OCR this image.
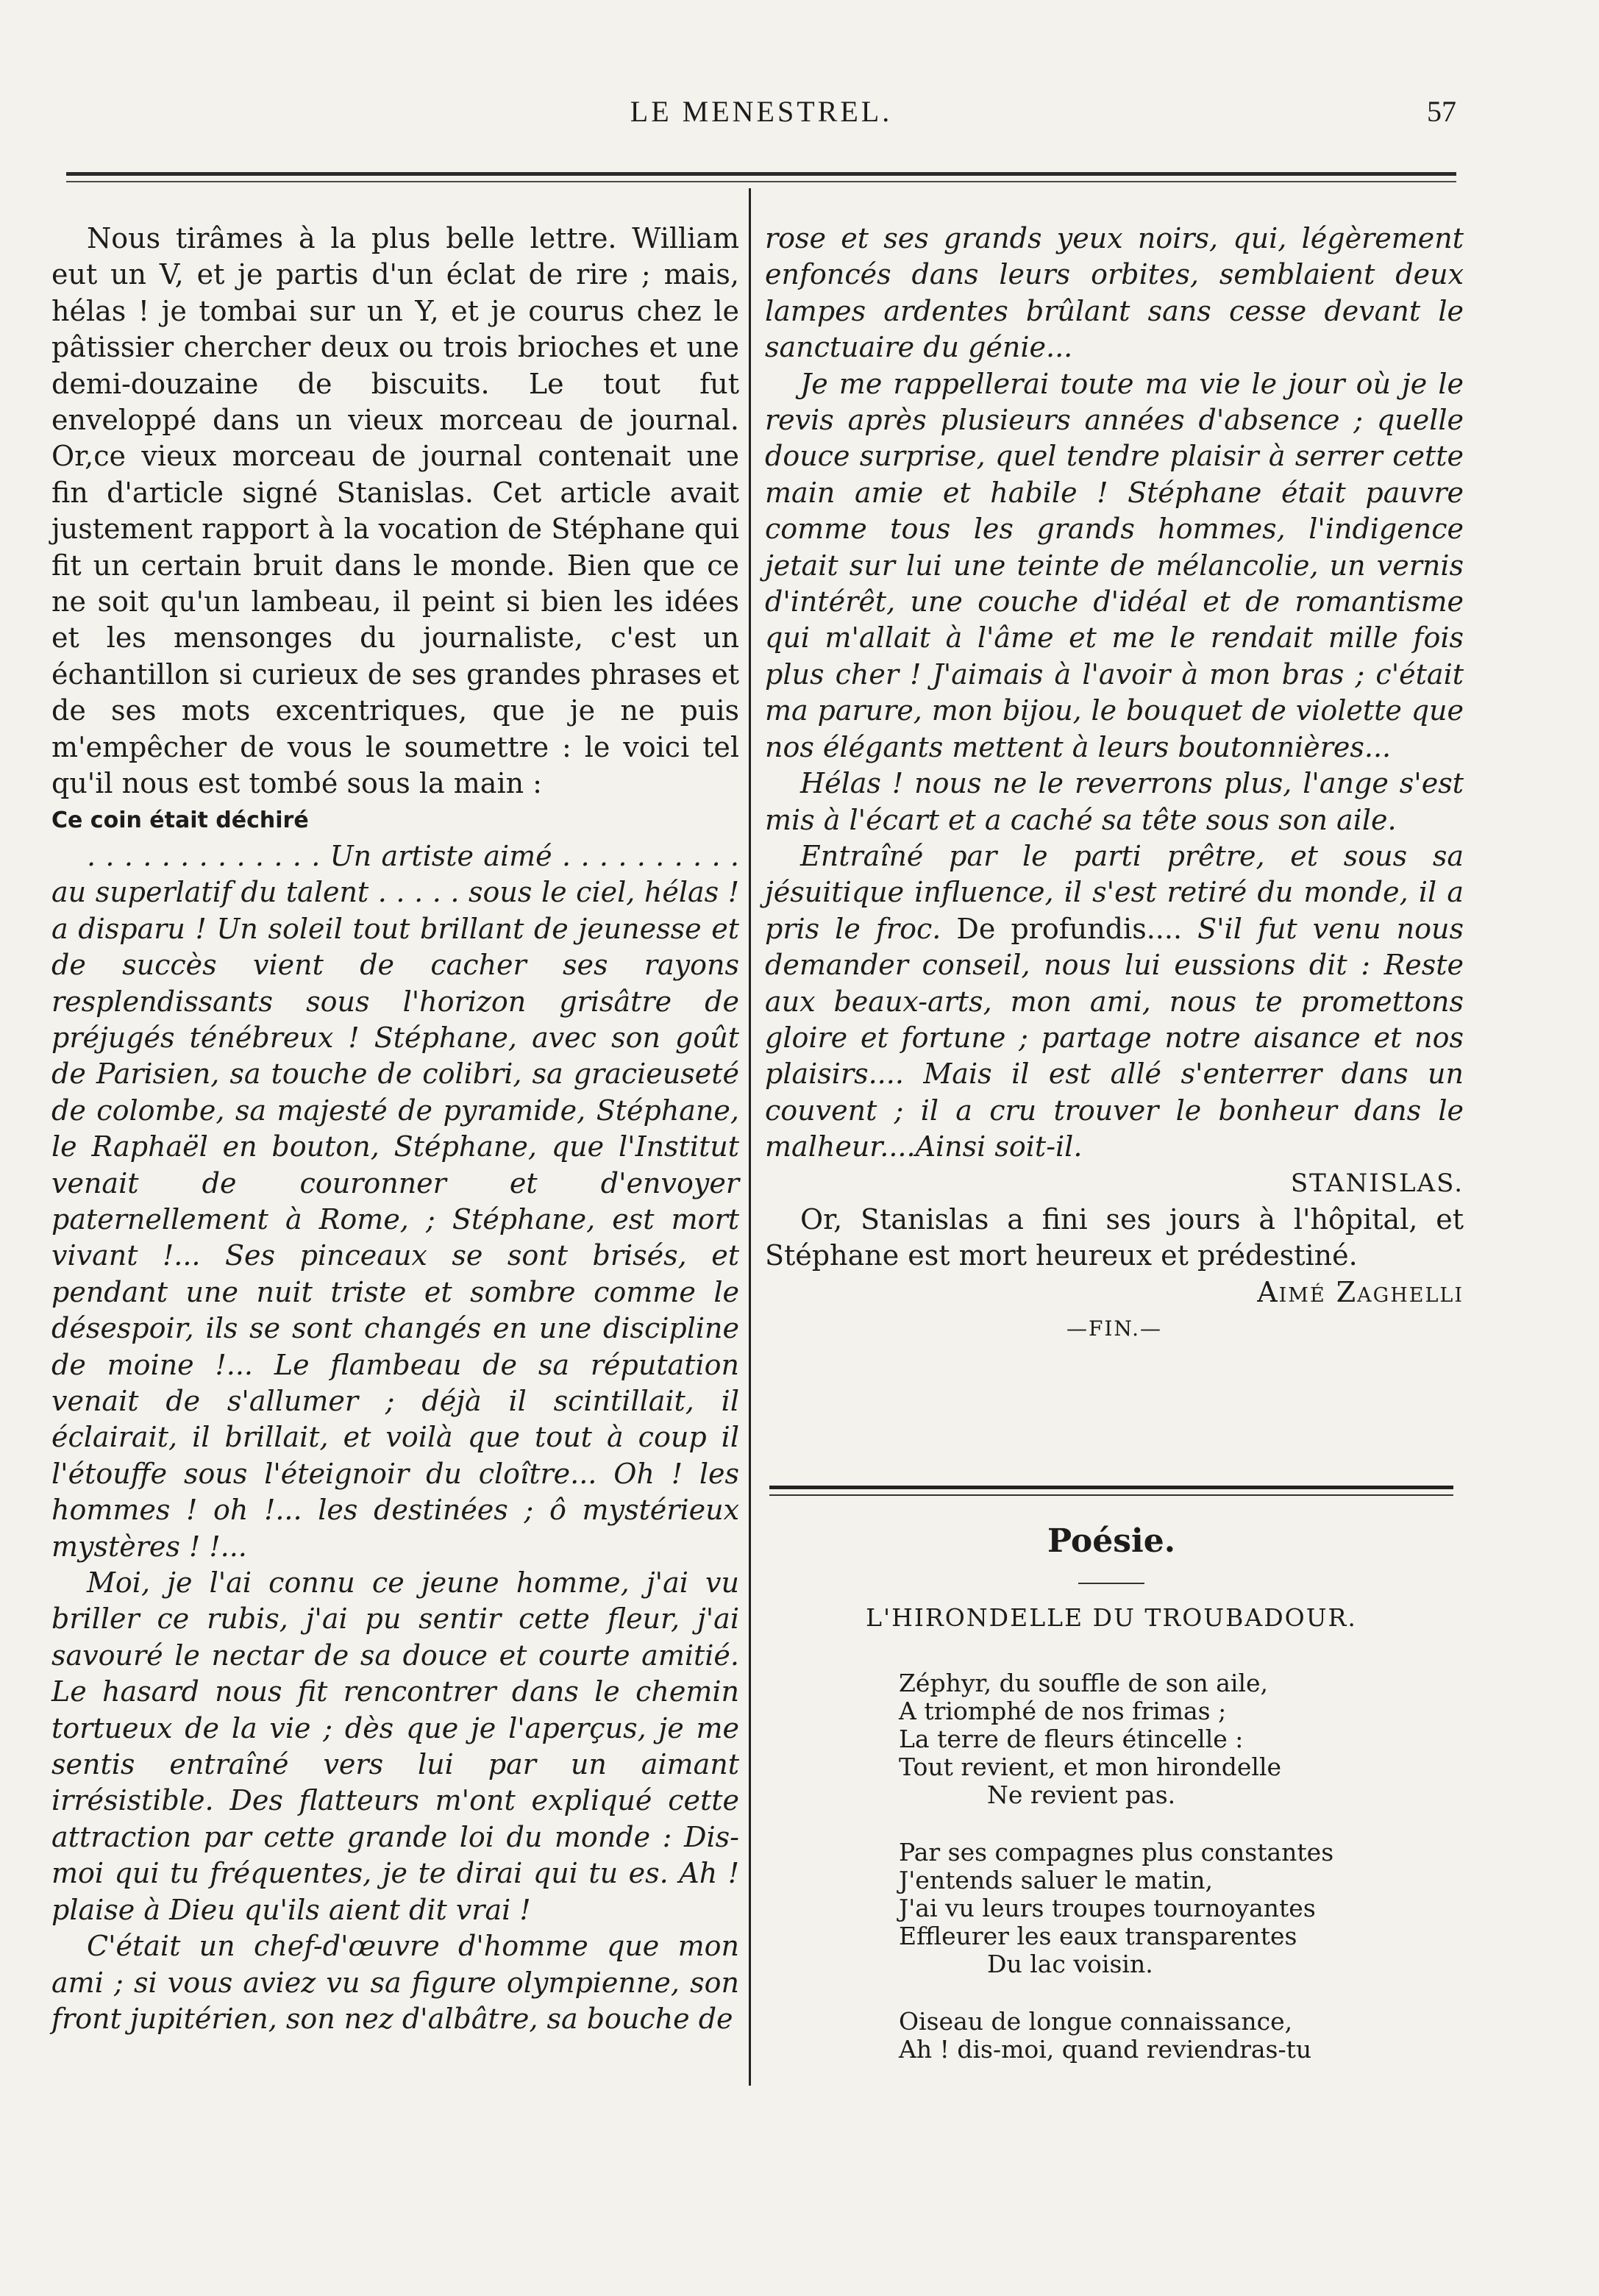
LE MENESTREL.	57

Nous tirâmes à la plus belle lettre. William eut un V, et je partis d'un éclat de rire ; mais, hélas ! je tombai sur un Y, et je courus chez le pâtissier chercher deux ou trois brioches et une demi-douzaine de biscuits. Le tout fut enveloppé dans un vieux morceau de journal. Or,ce vieux morceau de journal contenait une fin d'article signé Stanislas. Cet article avait justement rapport à la vocation de Stéphane qui fit un certain bruit dans le monde. Bien que ce ne soit qu'un lambeau, il peint si bien les idées et les mensonges du journaliste, c'est un échantillon si curieux de ses grandes phrases et de ses mots excentriques, que je ne puis m'empêcher de vous le soumettre : le voici tel qu'il nous est tombé sous la main :

Ce coin était déchiré

. . . . . . . . . . . . . Un artiste aimé . . . . . . . . . . au superlatif du talent . . . . . sous le ciel, hélas ! a disparu ! Un soleil tout brillant de jeunesse et de succès vient de cacher ses rayons resplendissants sous l'horizon grisâtre de préjugés ténébreux ! Stéphane, avec son goût de Parisien, sa touche de colibri, sa gracieuseté de colombe, sa majesté de pyramide, Stéphane, le Raphaël en bouton, Stéphane, que l'Institut venait de couronner et d'envoyer paternellement à Rome, ; Stéphane, est mort vivant !... Ses pinceaux se sont brisés, et pendant une nuit triste et sombre comme le désespoir, ils se sont changés en une discipline de moine !... Le flambeau de sa réputation venait de s'allumer ; déjà il scintillait, il éclairait, il brillait, et voilà que tout à coup il l'étouffe sous l'éteignoir du cloître... Oh ! les hommes ! oh !... les destinées ; ô mystérieux mystères ! !...

Moi, je l'ai connu ce jeune homme, j'ai vu briller ce rubis, j'ai pu sentir cette fleur, j'ai savouré le nectar de sa douce et courte amitié. Le hasard nous fit rencontrer dans le chemin tortueux de la vie ; dès que je l'aperçus, je me sentis entraîné vers lui par un aimant irrésistible. Des flatteurs m'ont expliqué cette attraction par cette grande loi du monde : Dis-moi qui tu fréquentes, je te dirai qui tu es. Ah ! plaise à Dieu qu'ils aient dit vrai !

C'était un chef-d'œuvre d'homme que mon ami ; si vous aviez vu sa figure olympienne, son front jupitérien, son nez d'albâtre, sa bouche de

rose et ses grands yeux noirs, qui, légèrement enfoncés dans leurs orbites, semblaient deux lampes ardentes brûlant sans cesse devant le sanctuaire du génie...

Je me rappellerai toute ma vie le jour où je le revis après plusieurs années d'absence ; quelle douce surprise, quel tendre plaisir à serrer cette main amie et habile ! Stéphane était pauvre comme tous les grands hommes, l'indigence jetait sur lui une teinte de mélancolie, un vernis d'intérêt, une couche d'idéal et de romantisme qui m'allait à l'âme et me le rendait mille fois plus cher ! J'aimais à l'avoir à mon bras ; c'était ma parure, mon bijou, le bouquet de violette que nos élégants mettent à leurs boutonnières...

Hélas ! nous ne le reverrons plus, l'ange s'est mis à l'écart et a caché sa tête sous son aile.

Entraîné par le parti prêtre, et sous sa jésuitique influence, il s'est retiré du monde, il a pris le froc. De profundis.... S'il fut venu nous demander conseil, nous lui eussions dit : Reste aux beaux-arts, mon ami, nous te promettons gloire et fortune ; partage notre aisance et nos plaisirs.... Mais il est allé s'enterrer dans un couvent ; il a cru trouver le bonheur dans le malheur....Ainsi soit-il.

STANISLAS.

Or, Stanislas a fini ses jours à l'hôpital, et Stéphane est mort heureux et prédestiné.

Aimé Zaghelli

—FIN.—

Poésie.
L'HIRONDELLE DU TROUBADOUR.
Zéphyr, du souffle de son aile,
A triomphé de nos frimas ;
La terre de fleurs étincelle :
Tout revient, et mon hirondelle
Ne revient pas.
Par ses compagnes plus constantes
J'entends saluer le matin,
J'ai vu leurs troupes tournoyantes
Effleurer les eaux transparentes
Du lac voisin.
Oiseau de longue connaissance,
Ah ! dis-moi, quand reviendras-tu
